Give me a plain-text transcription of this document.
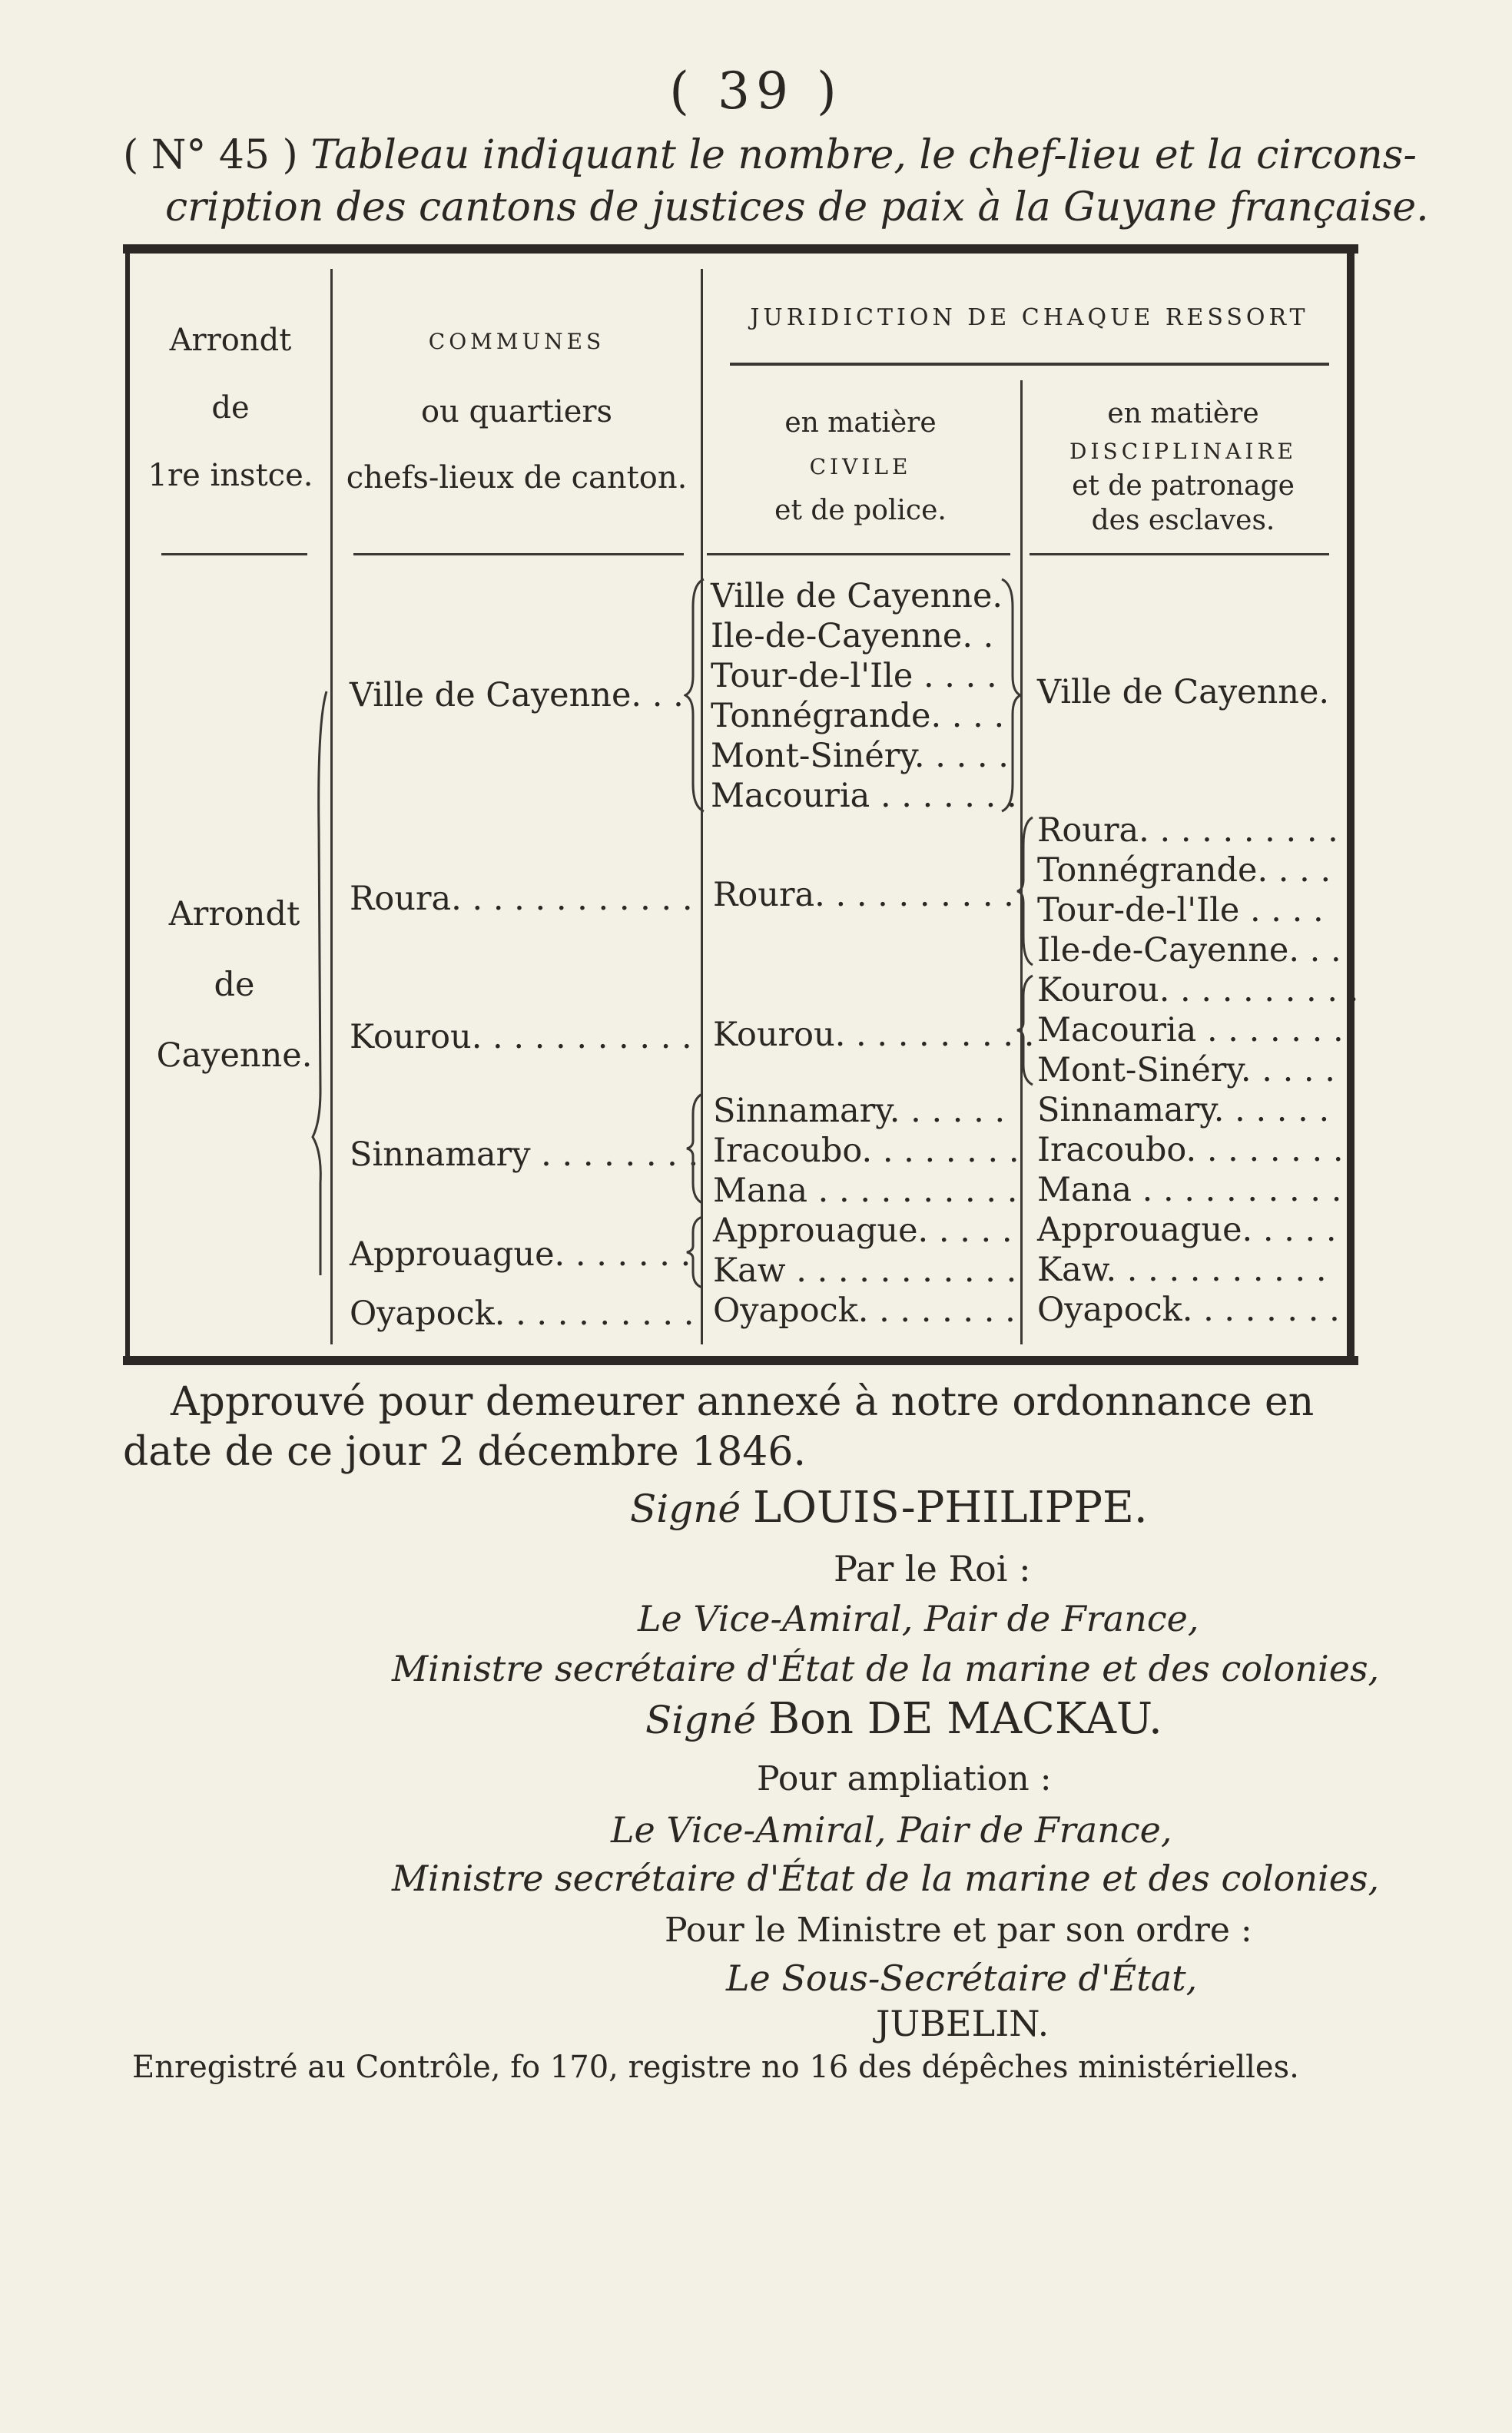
( 39 )
( N° 45 ) Tableau indiquant le nombre, le chef-lieu et la circons-
cription des cantons de justices de paix à la Guyane française.
Arrondt
de
1re instce.
COMMUNES
ou quartiers
chefs-lieux de canton.
JURIDICTION DE CHAQUE RESSORT
en matière
CIVILE
et de police.
en matière
DISCIPLINAIRE
et de patronage
des esclaves.
Arrondt
de
Cayenne.
Ville de Cayenne. . .
Roura. . . . . . . . . . . .
Kourou. . . . . . . . . . .
Sinnamary . . . . . . . .
Approuague. . . . . . .
Oyapock. . . . . . . . . .
Ville de Cayenne.
Ile-de-Cayenne. .
Tour-de-l'Ile . . . .
Tonnégrande. . . .
Mont-Sinéry. . . . .
Macouria . . . . . . .
Roura. . . . . . . . . .
Kourou. . . . . . . . . .
Sinnamary. . . . . .
Iracoubo. . . . . . . .
Mana . . . . . . . . . .
Approuague. . . . .
Kaw . . . . . . . . . . .
Oyapock. . . . . . . .
Ville de Cayenne.
Roura. . . . . . . . . .
Tonnégrande. . . .
Tour-de-l'Ile . . . .
Ile-de-Cayenne. . .
Kourou. . . . . . . . . .
Macouria . . . . . . .
Mont-Sinéry. . . . .
Sinnamary. . . . . .
Iracoubo. . . . . . . .
Mana . . . . . . . . . .
Approuague. . . . .
Kaw. . . . . . . . . . .
Oyapock. . . . . . . .
Approuvé pour demeurer annexé à notre ordonnance en
date de ce jour 2 décembre 1846.
Signé LOUIS-PHILIPPE.
Par le Roi :
Le Vice-Amiral, Pair de France,
Ministre secrétaire d'État de la marine et des colonies,
Signé Bon DE MACKAU.
Pour ampliation :
Le Vice-Amiral, Pair de France,
Ministre secrétaire d'État de la marine et des colonies,
Pour le Ministre et par son ordre :
Le Sous-Secrétaire d'État,
JUBELIN.
Enregistré au Contrôle, fo 170, registre no 16 des dépêches ministérielles.
